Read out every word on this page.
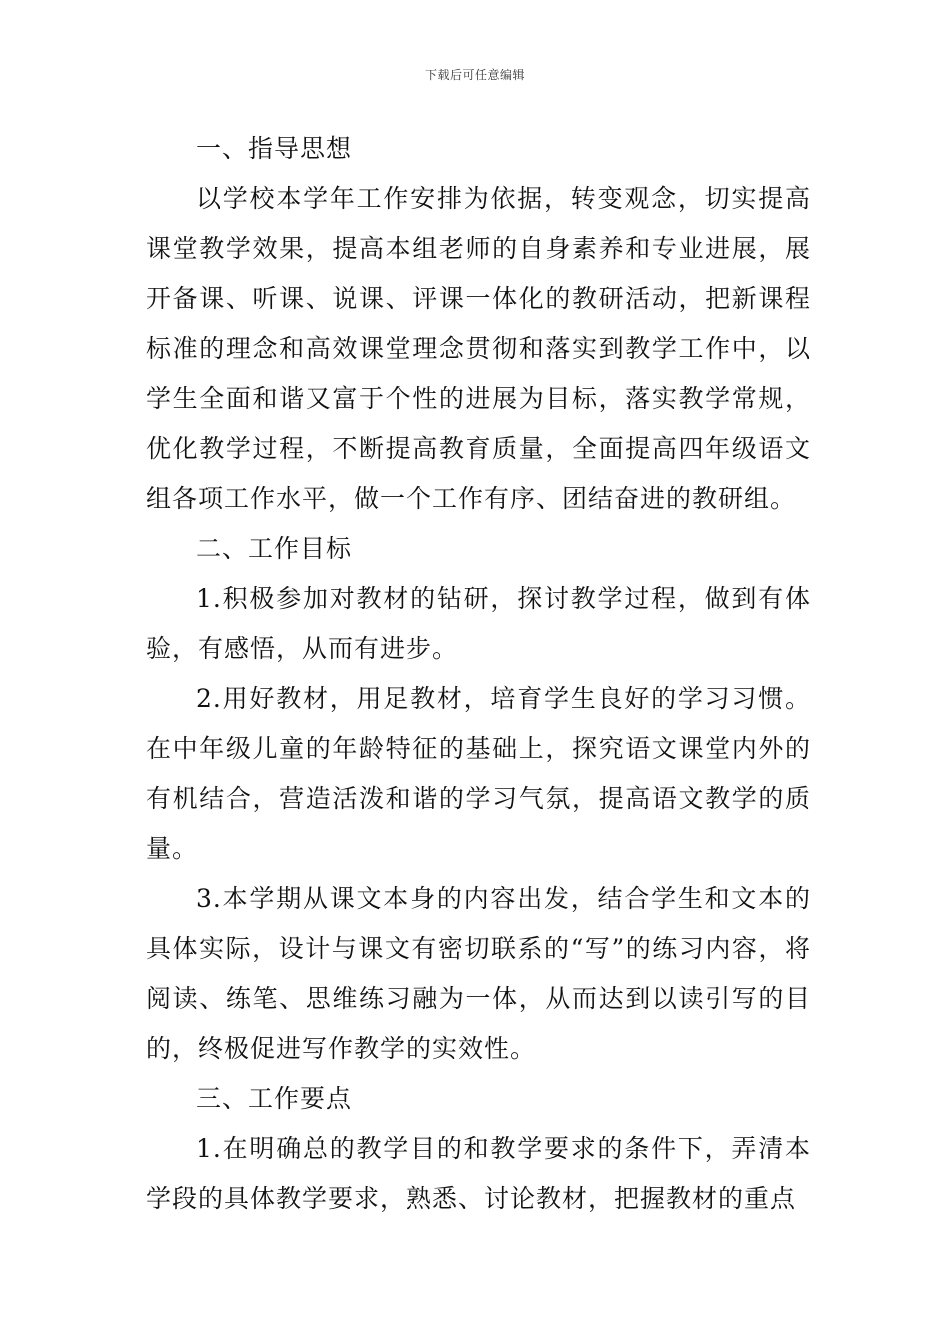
下载后可任意编辑

一、指导思想

以学校本学年工作安排为依据，转变观念，切实提高课堂教学效果，提高本组老师的自身素养和专业进展，展开备课、听课、说课、评课一体化的教研活动，把新课程标准的理念和高效课堂理念贯彻和落实到教学工作中，以学生全面和谐又富于个性的进展为目标，落实教学常规，优化教学过程，不断提高教育质量，全面提高四年级语文组各项工作水平，做一个工作有序、团结奋进的教研组。

二、工作目标

1.积极参加对教材的钻研，探讨教学过程，做到有体验，有感悟，从而有进步。

2.用好教材，用足教材，培育学生良好的学习习惯。在中年级儿童的年龄特征的基础上，探究语文课堂内外的有机结合，营造活泼和谐的学习气氛，提高语文教学的质量。

3.本学期从课文本身的内容出发，结合学生和文本的具体实际，设计与课文有密切联系的“写”的练习内容，将阅读、练笔、思维练习融为一体，从而达到以读引写的目的，终极促进写作教学的实效性。

三、工作要点

1.在明确总的教学目的和教学要求的条件下，弄清本学段的具体教学要求，熟悉、讨论教材，把握教材的重点
